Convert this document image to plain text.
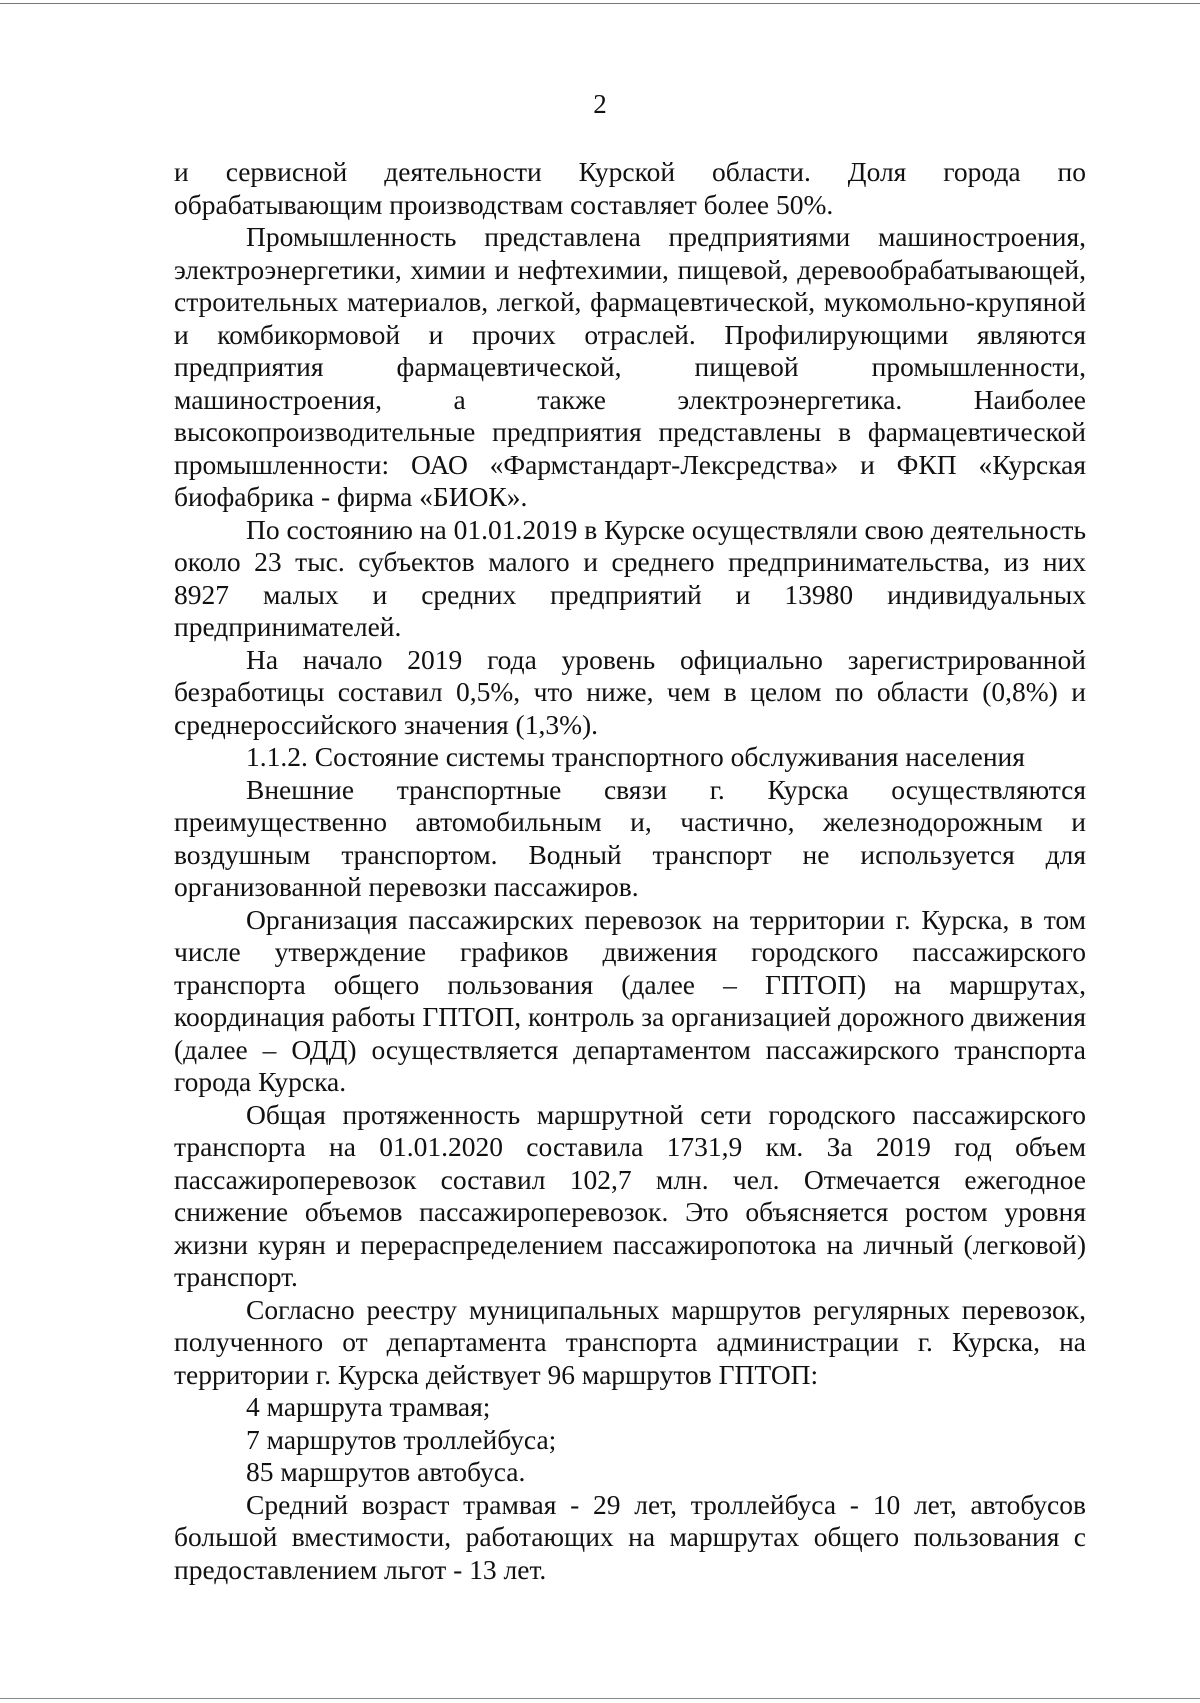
2

и сервисной деятельности Курской области. Доля города по обрабатывающим производствам составляет более 50%.

Промышленность представлена предприятиями машиностроения, электроэнергетики, химии и нефтехимии, пищевой, деревообрабатывающей, строительных материалов, легкой, фармацевтической, мукомольно-крупяной и комбикормовой и прочих отраслей. Профилирующими являются предприятия фармацевтической, пищевой промышленности, машиностроения, а также электроэнергетика. Наиболее высокопроизводительные предприятия представлены в фармацевтической промышленности: ОАО «Фармстандарт-Лексредства» и ФКП «Курская биофабрика - фирма «БИОК».

По состоянию на 01.01.2019 в Курске осуществляли свою деятельность около 23 тыс. субъектов малого и среднего предпринимательства, из них 8927 малых и средних предприятий и 13980 индивидуальных предпринимателей.

На начало 2019 года уровень официально зарегистрированной безработицы составил 0,5%, что ниже, чем в целом по области (0,8%) и среднероссийского значения (1,3%).

1.1.2. Состояние системы транспортного обслуживания населения

Внешние транспортные связи г. Курска осуществляются преимущественно автомобильным и, частично, железнодорожным и воздушным транспортом. Водный транспорт не используется для организованной перевозки пассажиров.

Организация пассажирских перевозок на территории г. Курска, в том числе утверждение графиков движения городского пассажирского транспорта общего пользования (далее – ГПТОП) на маршрутах, координация работы ГПТОП, контроль за организацией дорожного движения (далее – ОДД) осуществляется департаментом пассажирского транспорта города Курска.

Общая протяженность маршрутной сети городского пассажирского транспорта на 01.01.2020 составила 1731,9 км. За 2019 год объем пассажироперевозок составил 102,7 млн. чел. Отмечается ежегодное снижение объемов пассажироперевозок. Это объясняется ростом уровня жизни курян и перераспределением пассажиропотока на личный (легковой) транспорт.

Согласно реестру муниципальных маршрутов регулярных перевозок, полученного от департамента транспорта администрации г. Курска, на территории г. Курска действует 96 маршрутов ГПТОП:

4 маршрута трамвая;

7 маршрутов троллейбуса;

85 маршрутов автобуса.

Средний возраст трамвая - 29 лет, троллейбуса - 10 лет, автобусов большой вместимости, работающих на маршрутах общего пользования с предоставлением льгот - 13 лет.
